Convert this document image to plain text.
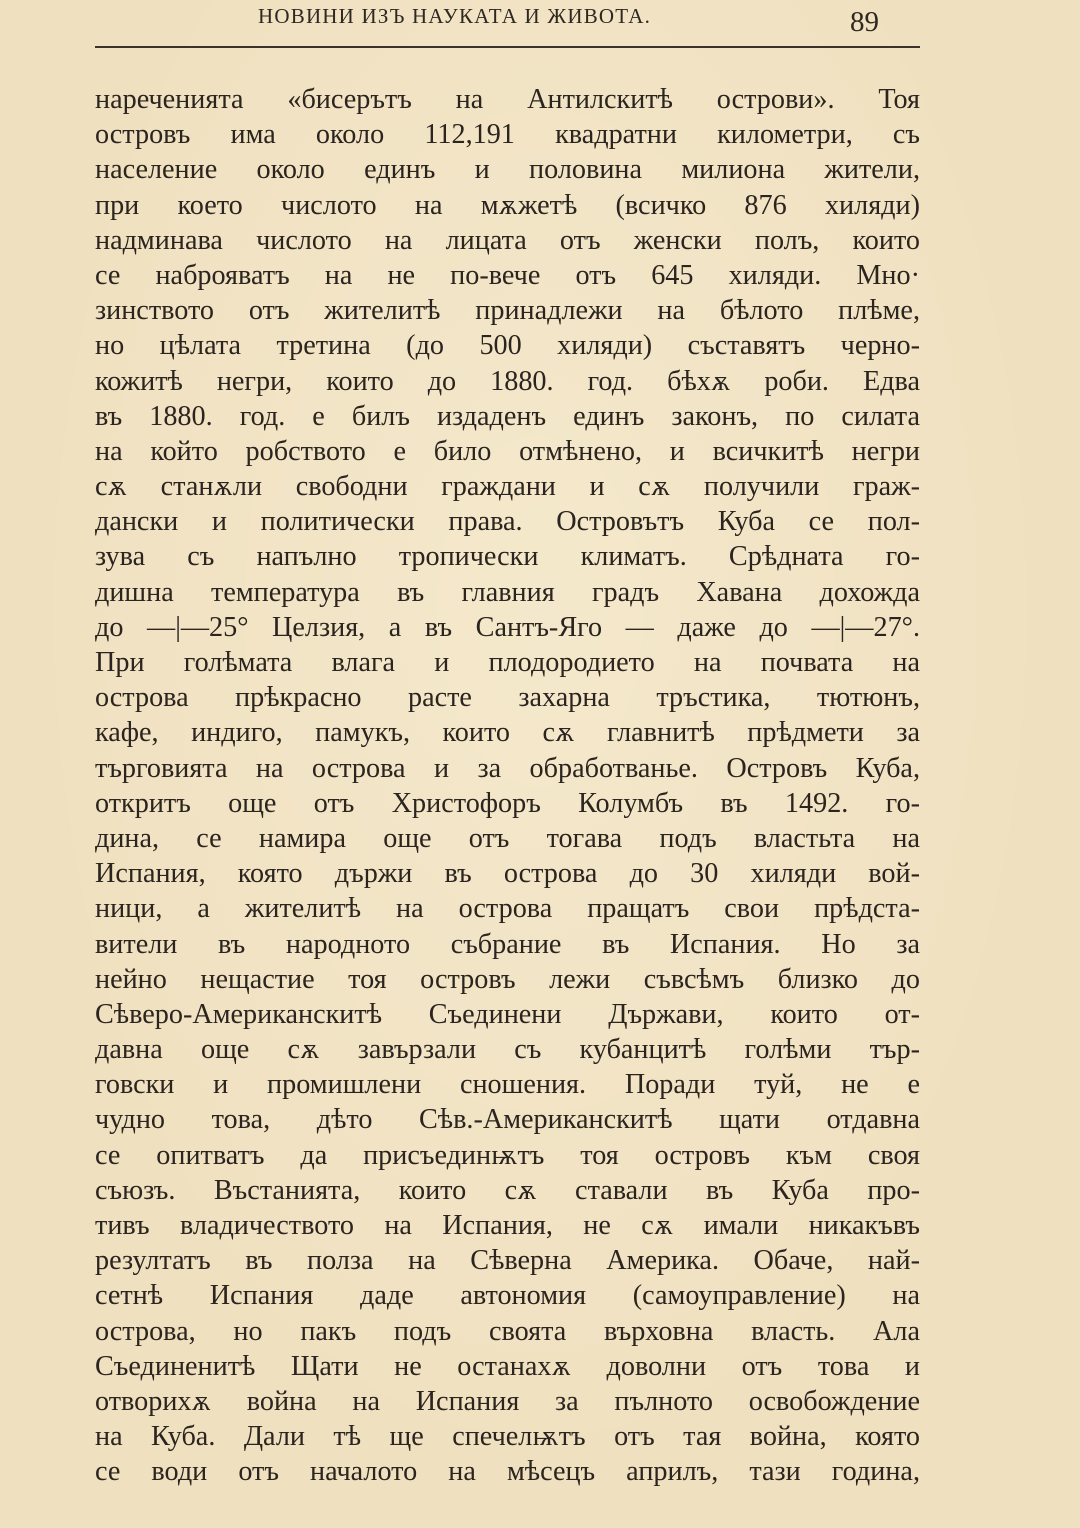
НОВИНИ ИЗЪ НАУКАТА И ЖИВОТА.	89
нареченията «бисерътъ на Антилскитѣ острови». Тоя
островъ има около 112,191 квадратни километри, съ
население около единъ и половина милиона жители,
при което числото на мѫжетѣ (всичко 876 хиляди)
надминава числото на лицата отъ женски полъ, които
се наброяватъ на не по-вече отъ 645 хиляди. Мно·
зинството отъ жителитѣ принадлежи на бѣлото плѣме,
но цѣлата третина (до 500 хиляди) съставятъ черно-
кожитѣ негри, които до 1880. год. бѣхѫ роби. Едва
въ 1880. год. е билъ издаденъ единъ законъ, по силата
на който робството е било отмѣнено, и всичкитѣ негри
сѫ станѫли свободни граждани и сѫ получили граж-
дански и политически права. Островътъ Куба се пол-
зува съ напълно тропически климатъ. Срѣдната го-
дишна температура въ главния градъ Хавана дохожда
до —|—25° Целзия, а въ Сантъ-Яго — даже до —|—27°.
При голѣмата влага и плодородието на почвата на
острова прѣкрасно расте захарна тръстика, тютюнъ,
кафе, индиго, памукъ, които сѫ главнитѣ прѣдмети за
търговията на острова и за обработванье. Островъ Куба,
откритъ още отъ Христофоръ Колумбъ въ 1492. го-
дина, се намира още отъ тогава подъ властьта на
Испания, която държи въ острова до 30 хиляди вой-
ници, а жителитѣ на острова пращатъ свои прѣдста-
вители въ народното събрание въ Испания. Но за
нейно нещастие тоя островъ лежи съвсѣмъ близко до
Сѣверо-Американскитѣ Съединени Държави, които от-
давна още сѫ завързали съ кубанцитѣ голѣми тър-
говски и промишлени сношения. Поради туй, не е
чудно това, дѣто Сѣв.-Американскитѣ щати отдавна
се опитватъ да присъединѭтъ тоя островъ към своя
съюзъ. Въстанията, които сѫ ставали въ Куба про-
тивъ владичеството на Испания, не сѫ имали никакъвъ
резултатъ въ полза на Сѣверна Америка. Обаче, най-
сетнѣ Испания даде автономия (самоуправление) на
острова, но пакъ подъ своята върховна власть. Ала
Съединенитѣ Щати не останахѫ доволни отъ това и
отворихѫ война на Испания за пълното освобождение
на Куба. Дали тѣ ще спечелѭтъ отъ тая война, която
се води отъ началото на мѣсецъ априлъ, тази година,
